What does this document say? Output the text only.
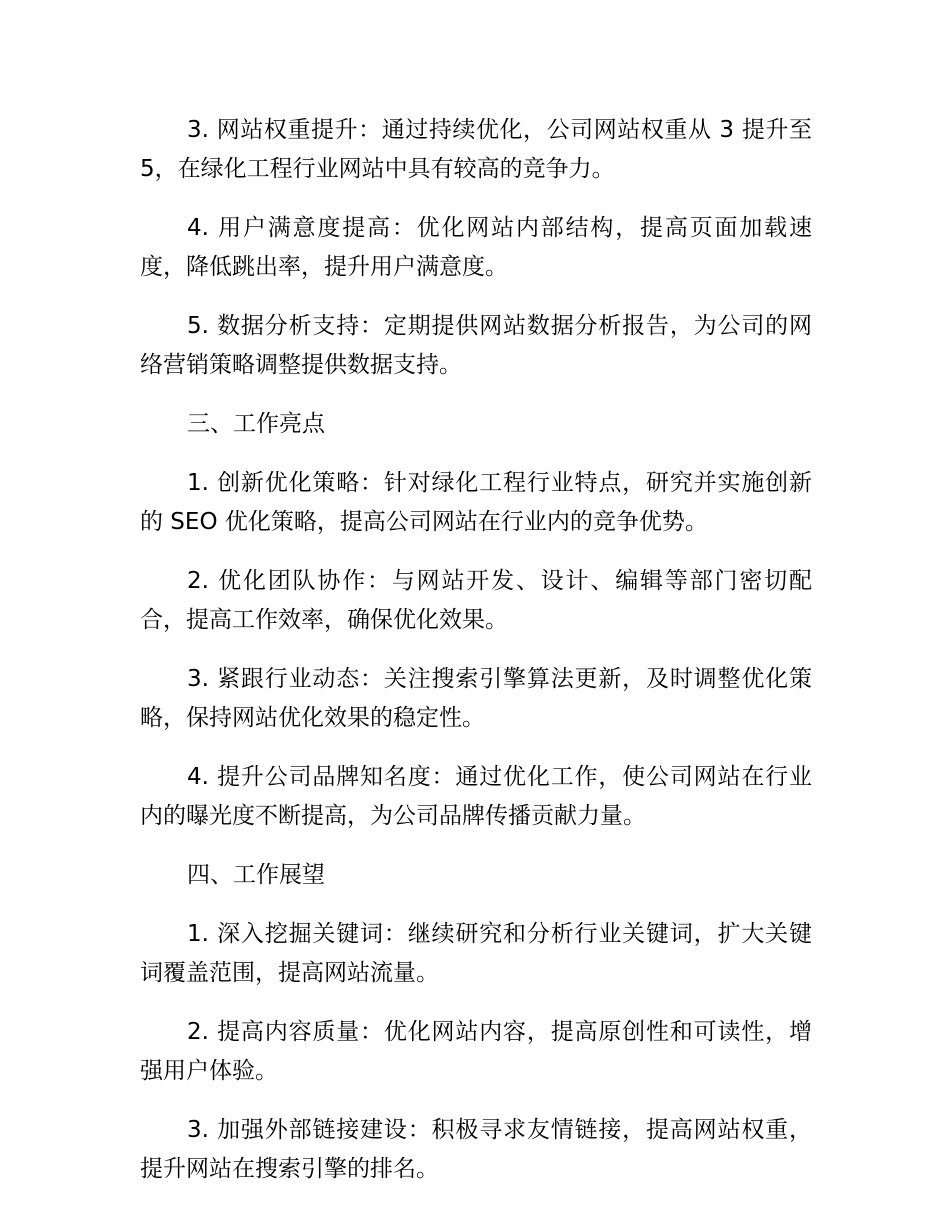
3. 网站权重提升：通过持续优化，公司网站权重从 3 提升至 5，在绿化工程行业网站中具有较高的竞争力。

4. 用户满意度提高：优化网站内部结构，提高页面加载速度，降低跳出率，提升用户满意度。

5. 数据分析支持：定期提供网站数据分析报告，为公司的网络营销策略调整提供数据支持。

三、工作亮点

1. 创新优化策略：针对绿化工程行业特点，研究并实施创新的 SEO 优化策略，提高公司网站在行业内的竞争优势。

2. 优化团队协作：与网站开发、设计、编辑等部门密切配合，提高工作效率，确保优化效果。

3. 紧跟行业动态：关注搜索引擎算法更新，及时调整优化策略，保持网站优化效果的稳定性。

4. 提升公司品牌知名度：通过优化工作，使公司网站在行业内的曝光度不断提高，为公司品牌传播贡献力量。

四、工作展望

1. 深入挖掘关键词：继续研究和分析行业关键词，扩大关键词覆盖范围，提高网站流量。

2. 提高内容质量：优化网站内容，提高原创性和可读性，增强用户体验。

3. 加强外部链接建设：积极寻求友情链接，提高网站权重，提升网站在搜索引擎的排名。
